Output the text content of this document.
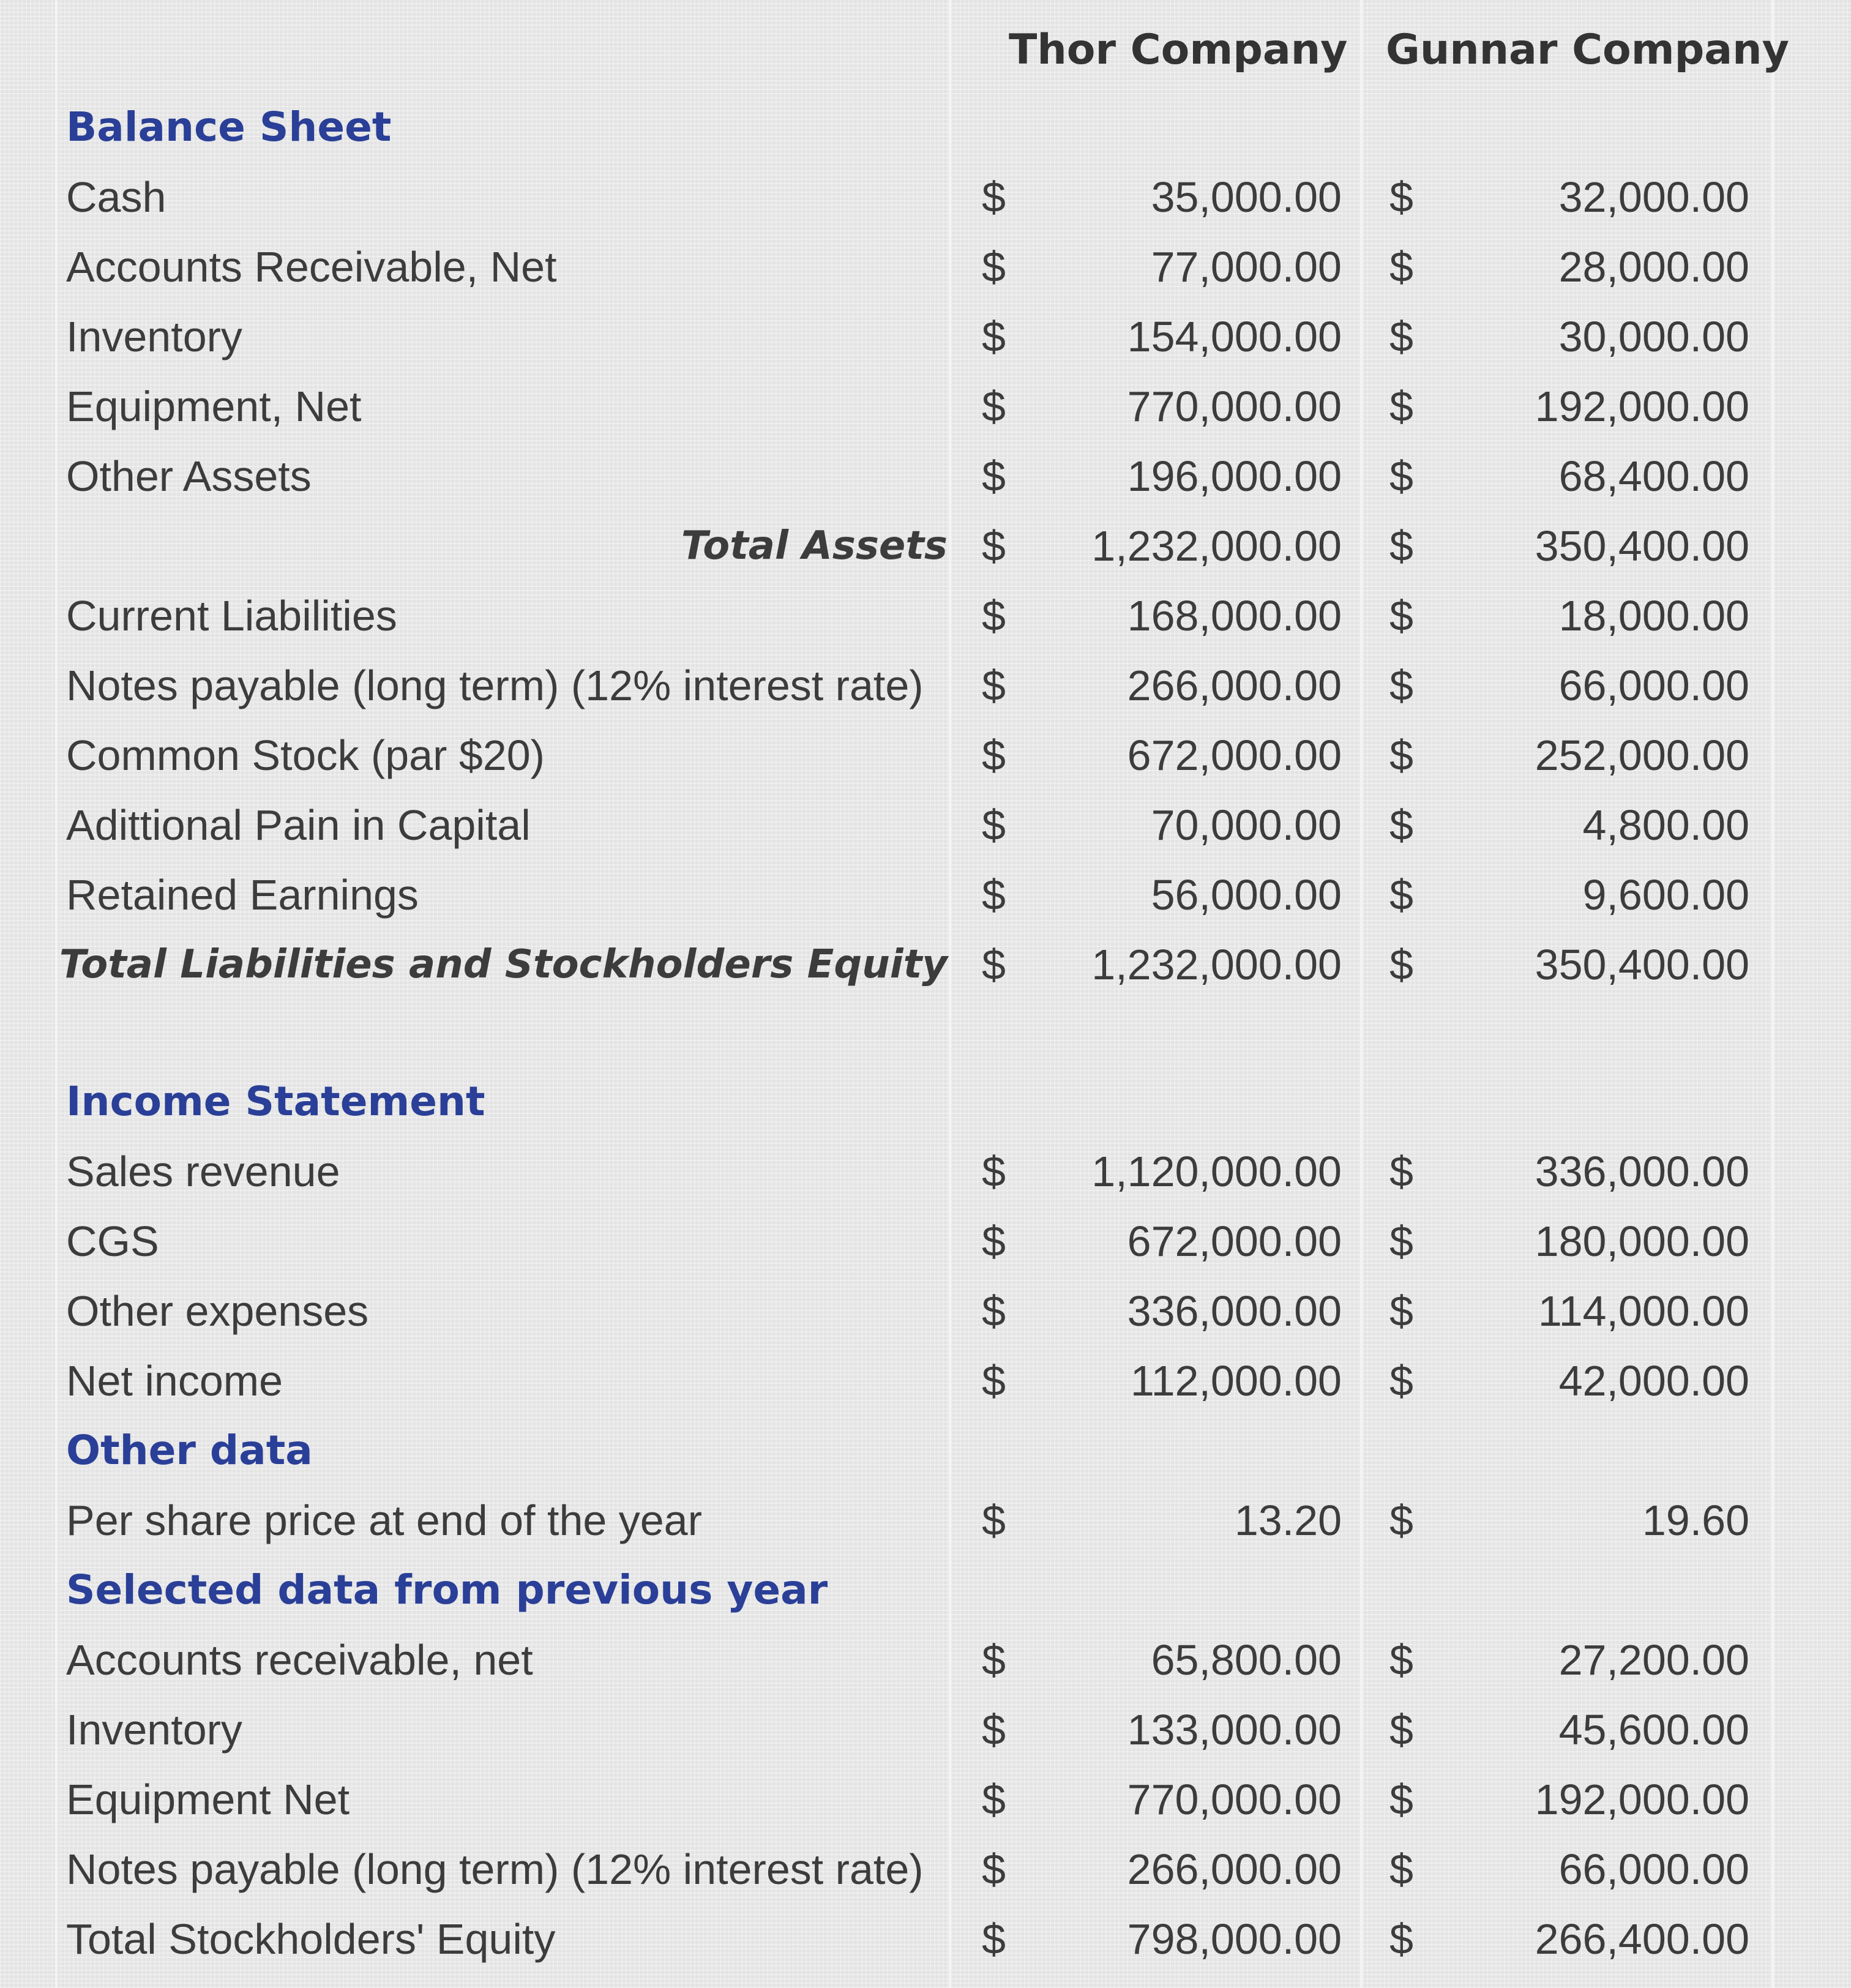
Thor Company Gunnar Company
Balance Sheet
Cash	$	35,000.00 $	32,000.00
Accounts Receivable, Net	$	77,000.00 $	28,000.00
Inventory	$	154,000.00 $	30,000.00
Equipment, Net	$	770,000.00 $	192,000.00
Other Assets	$	196,000.00 $	68,400.00
Total Assets $ 1,232,000.00 $	350,400.00
Current Liabilities	$	168,000.00 $	18,000.00
Notes payable (long term) (12% interest rate) $	266,000.00 $	66,000.00
Common Stock (par $20)	$	672,000.00 $	252,000.00
Adittional Pain in Capital	$	70,000.00 $	4,800.00
Retained Earnings	$	56,000.00 $	9,600.00
Total Liabilities and Stockholders Equity $ 1,232,000.00 $	350,400.00
Income Statement
Sales revenue	$ 1,120,000.00 $	336,000.00
CGS	$	672,000.00 $	180,000.00
Other expenses	$	336,000.00 $	114,000.00
Net income	$	112,000.00 $	42,000.00
Other data
Per share price at end of the year	$	13.20 $	19.60
Selected data from previous year
Accounts receivable, net	$	65,800.00 $	27,200.00
Inventory	$	133,000.00 $	45,600.00
Equipment Net	$	770,000.00 $	192,000.00
Notes payable (long term) (12% interest rate) $	266,000.00 $	66,000.00
Total Stockholders' Equity	$	798,000.00 $	266,400.00
